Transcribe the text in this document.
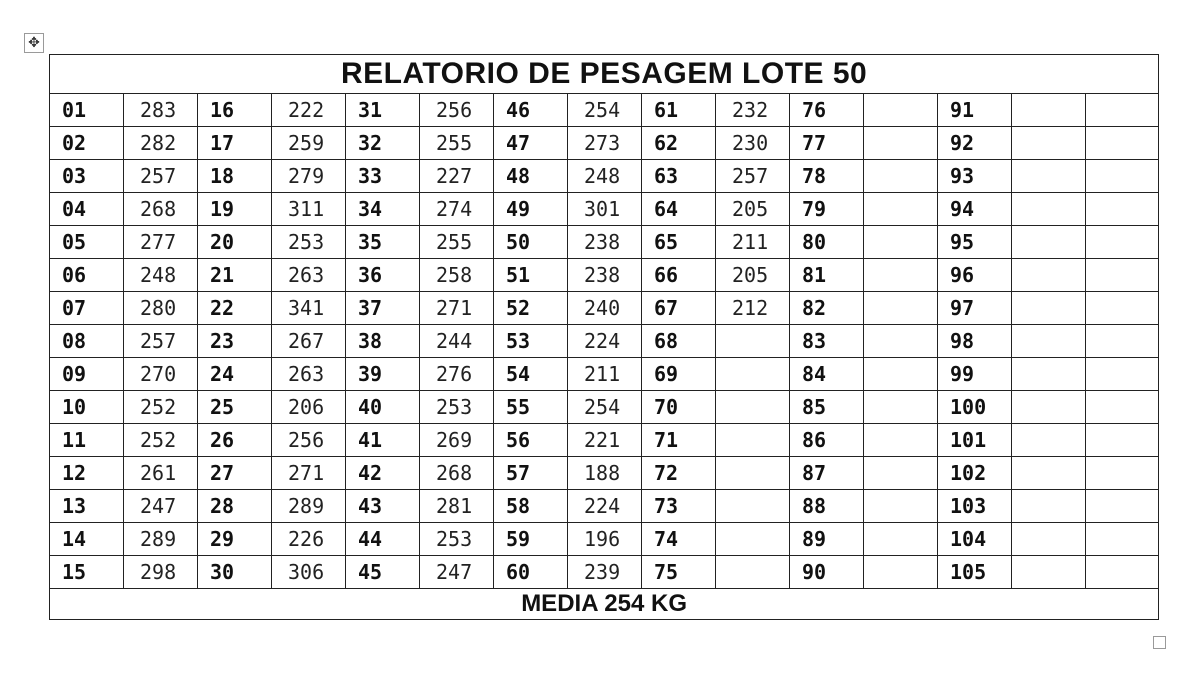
✥
RELATORIO DE PESAGEM LOTE 50														
01	283	16	222	31	256	46	254	61	232	76		91		
02	282	17	259	32	255	47	273	62	230	77		92		
03	257	18	279	33	227	48	248	63	257	78		93		
04	268	19	311	34	274	49	301	64	205	79		94		
05	277	20	253	35	255	50	238	65	211	80		95		
06	248	21	263	36	258	51	238	66	205	81		96		
07	280	22	341	37	271	52	240	67	212	82		97		
08	257	23	267	38	244	53	224	68		83		98		
09	270	24	263	39	276	54	211	69		84		99		
10	252	25	206	40	253	55	254	70		85		100		
11	252	26	256	41	269	56	221	71		86		101		
12	261	27	271	42	268	57	188	72		87		102		
13	247	28	289	43	281	58	224	73		88		103		
14	289	29	226	44	253	59	196	74		89		104		
15	298	30	306	45	247	60	239	75		90		105		
MEDIA 254 KG														
